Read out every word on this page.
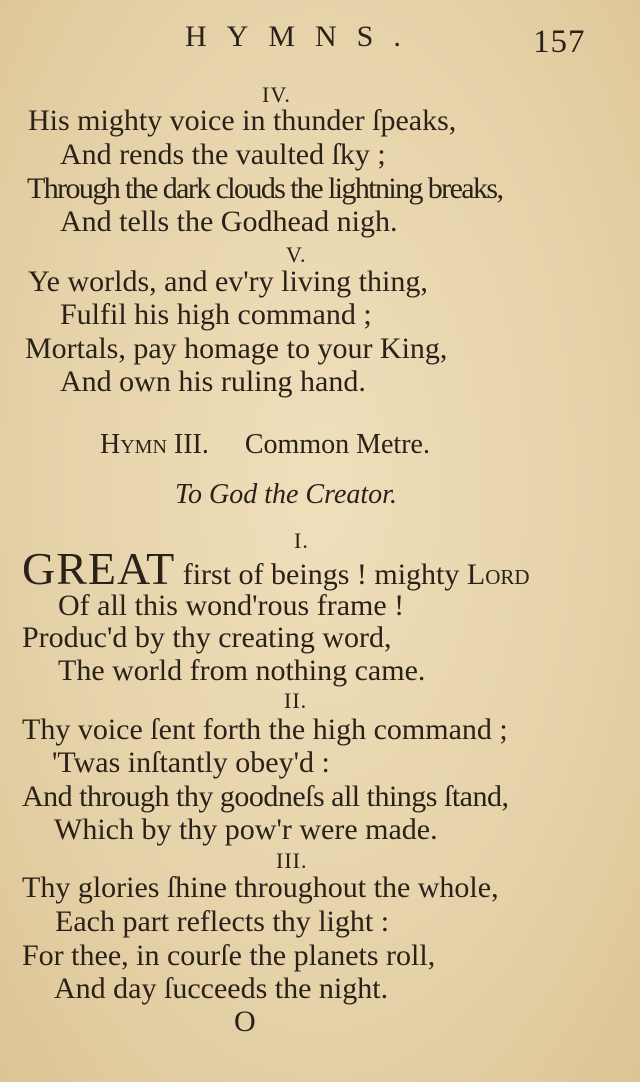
HYMNS.	157
IV.
His mighty voice in thunder ſpeaks,
And rends the vaulted ſky ;
Through the dark clouds the lightning breaks,
And tells the Godhead nigh.
V.
Ye worlds, and ev'ry living thing,
Fulfil his high command ;
Mortals, pay homage to your King,
And own his ruling hand.
Hymn III. Common Metre.
To God the Creator.
I.
GREAT first of beings ! mighty Lord
Of all this wond'rous frame !
Produc'd by thy creating word,
The world from nothing came.
II.
Thy voice ſent forth the high command ;
'Twas inſtantly obey'd :
And through thy goodneſs all things ſtand,
Which by thy pow'r were made.
III.
Thy glories ſhine throughout the whole,
Each part reflects thy light :
For thee, in courſe the planets roll,
And day ſucceeds the night.
O
